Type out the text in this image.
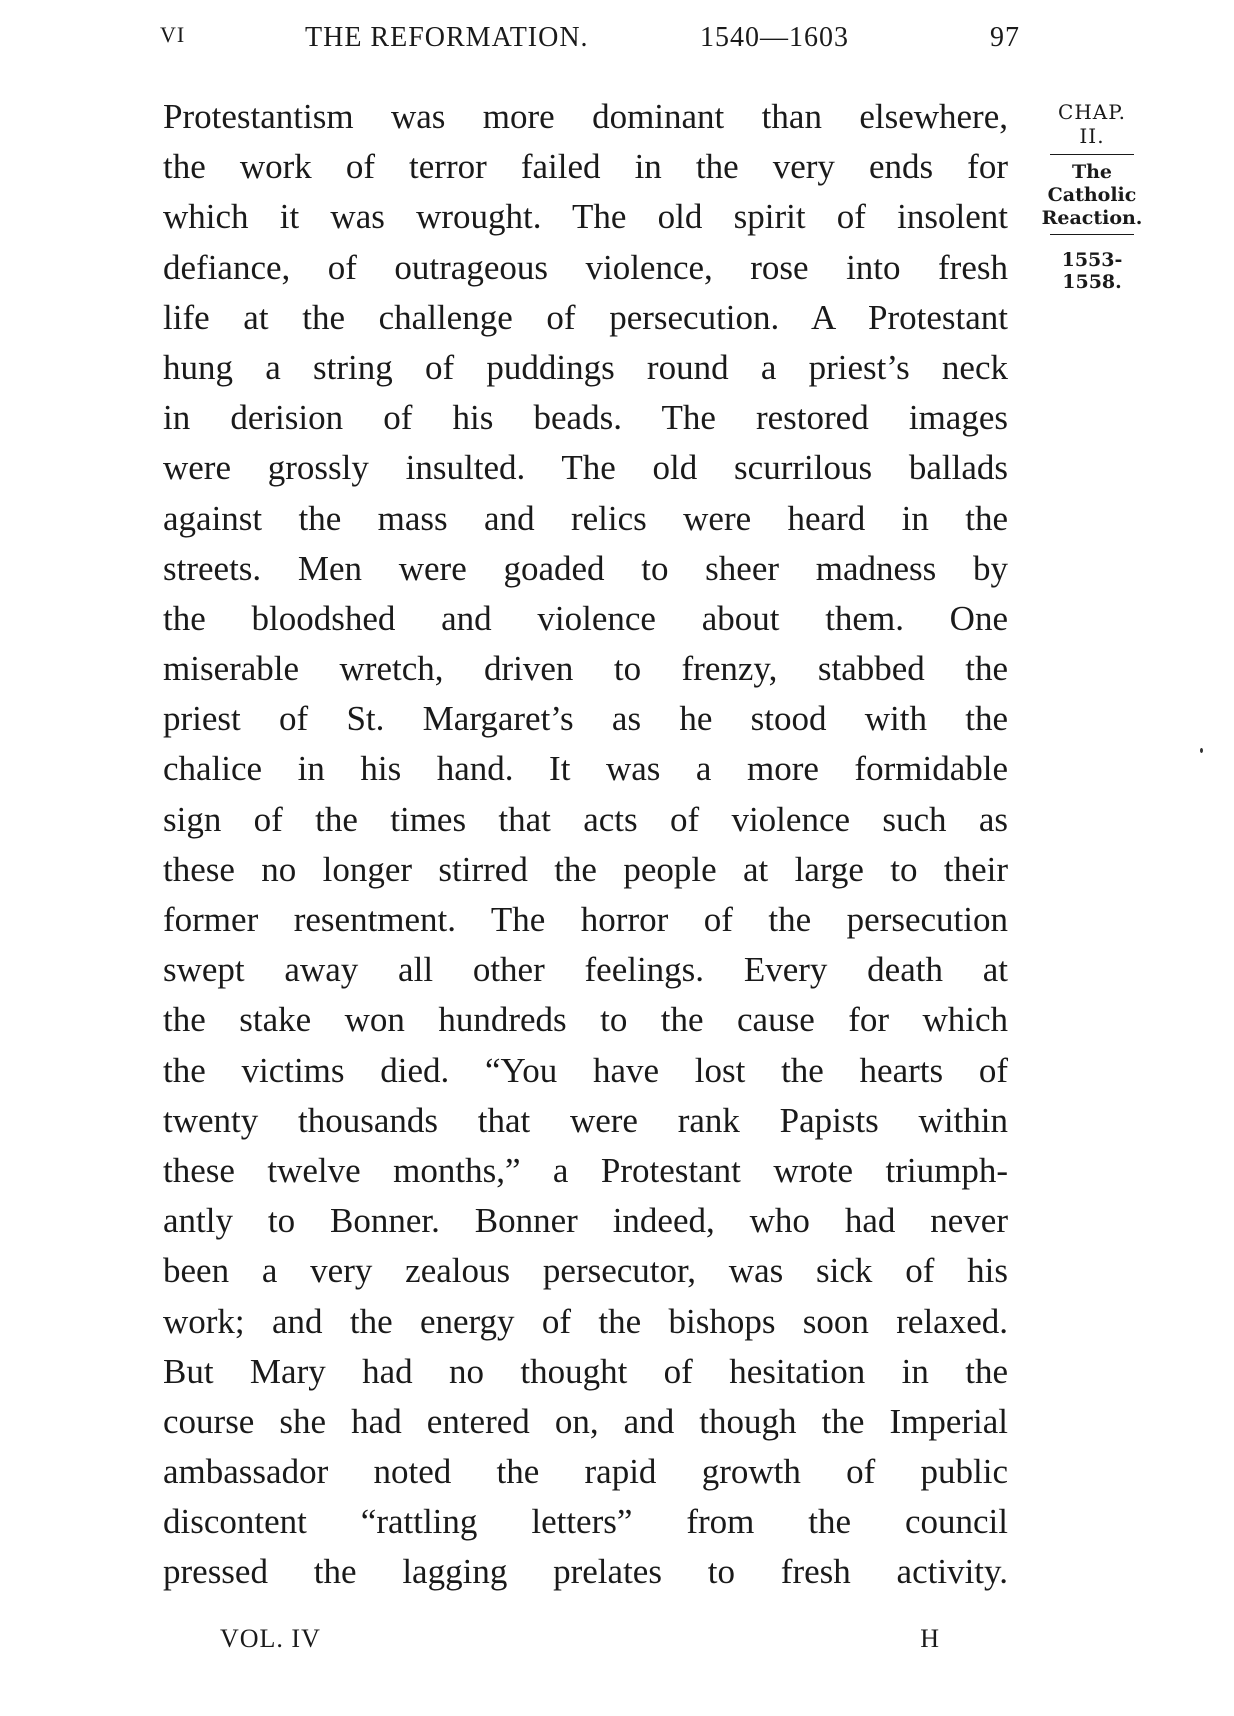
VI	THE REFORMATION.	1540—1603	97
Protestantism was more dominant than elsewhere,
the work of terror failed in the very ends for
which it was wrought. The old spirit of insolent
defiance, of outrageous violence, rose into fresh
life at the challenge of persecution. A Protestant
hung a string of puddings round a priest’s neck
in derision of his beads. The restored images
were grossly insulted. The old scurrilous ballads
against the mass and relics were heard in the
streets. Men were goaded to sheer madness by
the bloodshed and violence about them. One
miserable wretch, driven to frenzy, stabbed the
priest of St. Margaret’s as he stood with the
chalice in his hand. It was a more formidable
sign of the times that acts of violence such as
these no longer stirred the people at large to their
former resentment. The horror of the persecution
swept away all other feelings. Every death at
the stake won hundreds to the cause for which
the victims died. “You have lost the hearts of
twenty thousands that were rank Papists within
these twelve months,” a Protestant wrote triumph-
antly to Bonner. Bonner indeed, who had never
been a very zealous persecutor, was sick of his
work; and the energy of the bishops soon relaxed.
But Mary had no thought of hesitation in the
course she had entered on, and though the Imperial
ambassador noted the rapid growth of public
discontent “rattling letters” from the council
pressed the lagging prelates to fresh activity.
CHAP. II.
The
Catholic
Reaction.
1553-1558.
VOL. IV	H
